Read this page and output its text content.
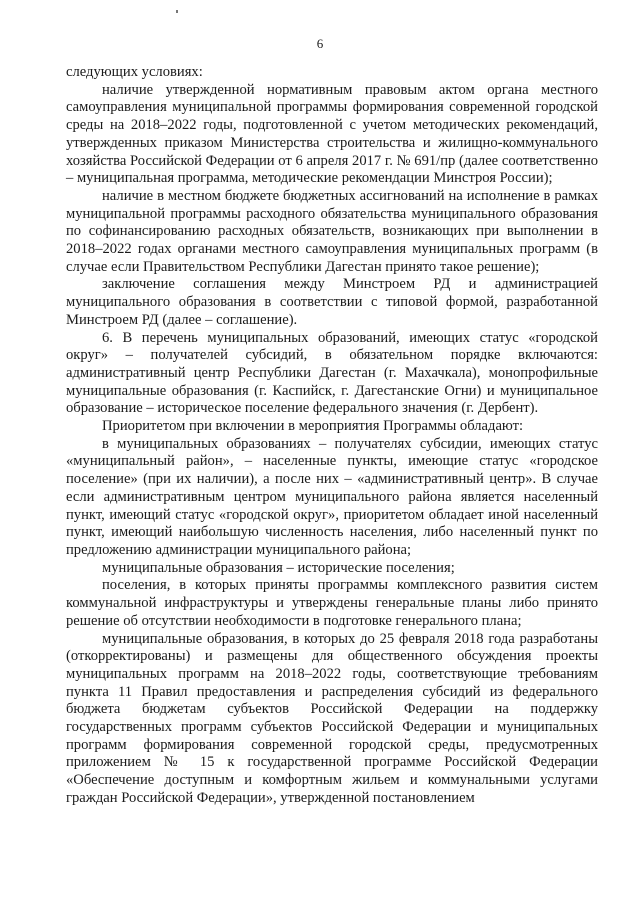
6

следующих условиях:

наличие утвержденной нормативным правовым актом органа местного самоуправления муниципальной программы формирования современной городской среды на 2018–2022 годы, подготовленной с учетом методических рекомендаций, утвержденных приказом Министерства строительства и жилищно-коммунального хозяйства Российской Федерации от 6 апреля 2017 г. № 691/пр (далее соответственно – муниципальная программа, методические рекомендации Минстроя России);

наличие в местном бюджете бюджетных ассигнований на исполнение в рамках муниципальной программы расходного обязательства муниципального образования по софинансированию расходных обязательств, возникающих при выполнении в 2018–2022 годах органами местного самоуправления муниципальных программ (в случае если Правительством Республики Дагестан принято такое решение);

заключение соглашения между Минстроем РД и администрацией муниципального образования в соответствии с типовой формой, разработанной Минстроем РД (далее – соглашение).

6. В перечень муниципальных образований, имеющих статус «городской округ» – получателей субсидий, в обязательном порядке включаются: административный центр Республики Дагестан (г. Махачкала), монопрофильные муниципальные образования (г. Каспийск, г. Дагестанские Огни) и муниципальное образование – историческое поселение федерального значения (г. Дербент).

Приоритетом при включении в мероприятия Программы обладают:

в муниципальных образованиях – получателях субсидии, имеющих статус «муниципальный район», – населенные пункты, имеющие статус «городское поселение» (при их наличии), а после них – «административный центр». В случае если административным центром муниципального района является населенный пункт, имеющий статус «городской округ», приоритетом обладает иной населенный пункт, имеющий наибольшую численность населения, либо населенный пункт по предложению администрации муниципального района;

муниципальные образования – исторические поселения;

поселения, в которых приняты программы комплексного развития систем коммунальной инфраструктуры и утверждены генеральные планы либо принято решение об отсутствии необходимости в подготовке генерального плана;

муниципальные образования, в которых до 25 февраля 2018 года разработаны (откорректированы) и размещены для общественного обсуждения проекты муниципальных программ на 2018–2022 годы, соответствующие требованиям пункта 11 Правил предоставления и распределения субсидий из федерального бюджета бюджетам субъектов Российской Федерации на поддержку государственных программ субъектов Российской Федерации и муниципальных программ формирования современной городской среды, предусмотренных приложением № 15 к государственной программе Российской Федерации «Обеспечение доступным и комфортным жильем и коммунальными услугами граждан Российской Федерации», утвержденной постановлением
